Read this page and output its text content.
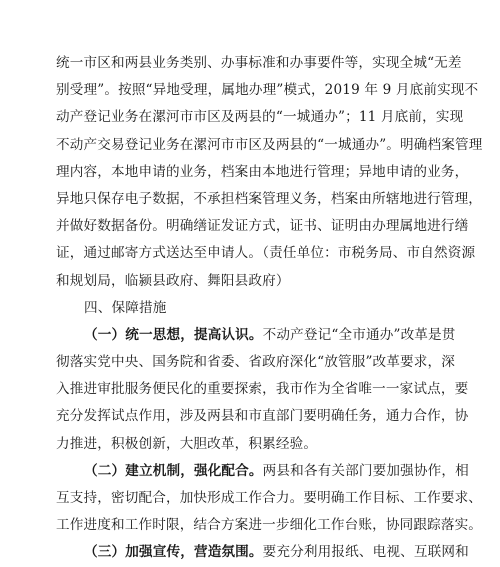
统一市区和两县业务类别、办事标准和办事要件等，实现全城“无差
别受理”。按照“异地受理，属地办理”模式，2019 年 9 月底前实现不
动产登记业务在漯河市市区及两县的“一城通办”；11 月底前，实现
不动产交易登记业务在漯河市市区及两县的“一城通办”。明确档案管理
理内容，本地申请的业务，档案由本地进行管理；异地申请的业务，
异地只保存电子数据，不承担档案管理义务，档案由所辖地进行管理，
并做好数据备份。明确缮证发证方式，证书、证明由办理属地进行缮
证，通过邮寄方式送达至申请人。（责任单位：市税务局、市自然资源
和规划局，临颍县政府、舞阳县政府）
四、保障措施
（一）统一思想，提高认识。不动产登记“全市通办”改革是贯
彻落实党中央、国务院和省委、省政府深化“放管服”改革要求，深
入推进审批服务便民化的重要探索，我市作为全省唯一一家试点，要
充分发挥试点作用，涉及两县和市直部门要明确任务，通力合作，协
力推进，积极创新，大胆改革，积累经验。
（二）建立机制，强化配合。两县和各有关部门要加强协作，相
互支持，密切配合，加快形成工作合力。要明确工作目标、工作要求、
工作进度和工作时限，结合方案进一步细化工作台账，协同跟踪落实。
（三）加强宣传，营造氛围。要充分利用报纸、电视、互联网和
